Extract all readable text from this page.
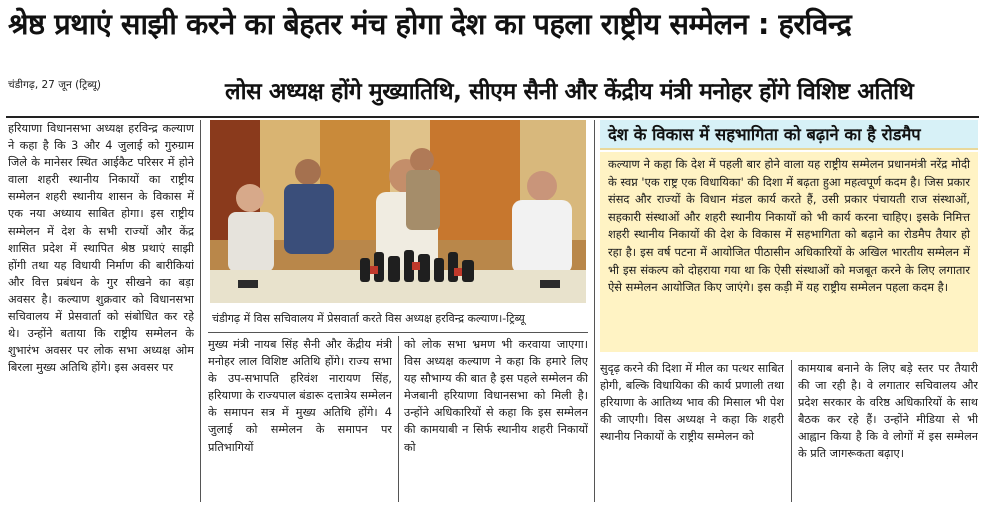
श्रेष्ठ प्रथाएं साझी करने का बेहतर मंच होगा देश का पहला राष्ट्रीय सम्मेलन : हरविन्द्र
चंडीगढ़, 27 जून (ट्रिब्यू)	लोस अध्यक्ष होंगे मुख्यातिथि, सीएम सैनी और केंद्रीय मंत्री मनोहर होंगे विशिष्ट अतिथि
हरियाणा विधानसभा अध्यक्ष हरविन्द्र कल्याण ने कहा है कि 3 और 4 जुलाई को गुरुग्राम जिले के मानेसर स्थित आईकैट परिसर में होने वाला शहरी स्थानीय निकायों का राष्ट्रीय सम्मेलन शहरी स्थानीय शासन के विकास में एक नया अध्याय साबित होगा। इस राष्ट्रीय सम्मेलन में देश के सभी राज्यों और केंद्र शासित प्रदेश में स्थापित श्रेष्ठ प्रथाएं साझी होंगी तथा यह विधायी निर्माण की बारीकियां और वित्त प्रबंधन के गुर सीखने का बड़ा अवसर है। कल्याण शुक्रवार को विधानसभा सचिवालय में प्रेसवार्ता को संबोधित कर रहे थे। उन्होंने बताया कि राष्ट्रीय सम्मेलन के शुभारंभ अवसर पर लोक सभा अध्यक्ष ओम बिरला मुख्य अतिथि होंगे। इस अवसर पर
चंडीगढ़ में विस सचिवालय में प्रेसवार्ता करते विस अध्यक्ष हरविन्द्र कल्याण।-ट्रिब्यू
मुख्य मंत्री नायब सिंह सैनी और केंद्रीय मंत्री मनोहर लाल विशिष्ट अतिथि होंगे। राज्य सभा के उप-सभापति हरिवंश नारायण सिंह, हरियाणा के राज्यपाल बंडारू दत्तात्रेय सम्मेलन के समापन सत्र में मुख्य अतिथि होंगे। 4 जुलाई को सम्मेलन के समापन पर प्रतिभागियों
को लोक सभा भ्रमण भी करवाया जाएगा। विस अध्यक्ष कल्याण ने कहा कि हमारे लिए यह सौभाग्य की बात है इस पहले सम्मेलन की मेजबानी हरियाणा विधानसभा को मिली है। उन्होंने अधिकारियों से कहा कि इस सम्मेलन की कामयाबी न सिर्फ स्थानीय शहरी निकायों को
देश के विकास में सहभागिता को बढ़ाने का है रोडमैप
कल्याण ने कहा कि देश में पहली बार होने वाला यह राष्ट्रीय सम्मेलन प्रधानमंत्री नरेंद्र मोदी के स्वप्न 'एक राष्ट्र एक विधायिका' की दिशा में बढ़ता हुआ महत्वपूर्ण कदम है। जिस प्रकार संसद और राज्यों के विधान मंडल कार्य करते हैं, उसी प्रकार पंचायती राज संस्थाओं, सहकारी संस्थाओं और शहरी स्थानीय निकायों को भी कार्य करना चाहिए। इसके निमित्त शहरी स्थानीय निकायों की देश के विकास में सहभागिता को बढ़ाने का रोडमैप तैयार हो रहा है। इस वर्ष पटना में आयोजित पीठासीन अधिकारियों के अखिल भारतीय सम्मेलन में भी इस संकल्प को दोहराया गया था कि ऐसी संस्थाओं को मजबूत करने के लिए लगातार ऐसे सम्मेलन आयोजित किए जाएंगे। इस कड़ी में यह राष्ट्रीय सम्मेलन पहला कदम है।
सुदृढ़ करने की दिशा में मील का पत्थर साबित होगी, बल्कि विधायिका की कार्य प्रणाली तथा हरियाणा के आतिथ्य भाव की मिसाल भी पेश की जाएगी। विस अध्यक्ष ने कहा कि शहरी स्थानीय निकायों के राष्ट्रीय सम्मेलन को
कामयाब बनाने के लिए बड़े स्तर पर तैयारी की जा रही है। वे लगातार सचिवालय और प्रदेश सरकार के वरिष्ठ अधिकारियों के साथ बैठक कर रहे हैं। उन्होंने मीडिया से भी आह्वान किया है कि वे लोगों में इस सम्मेलन के प्रति जागरूकता बढ़ाए।
